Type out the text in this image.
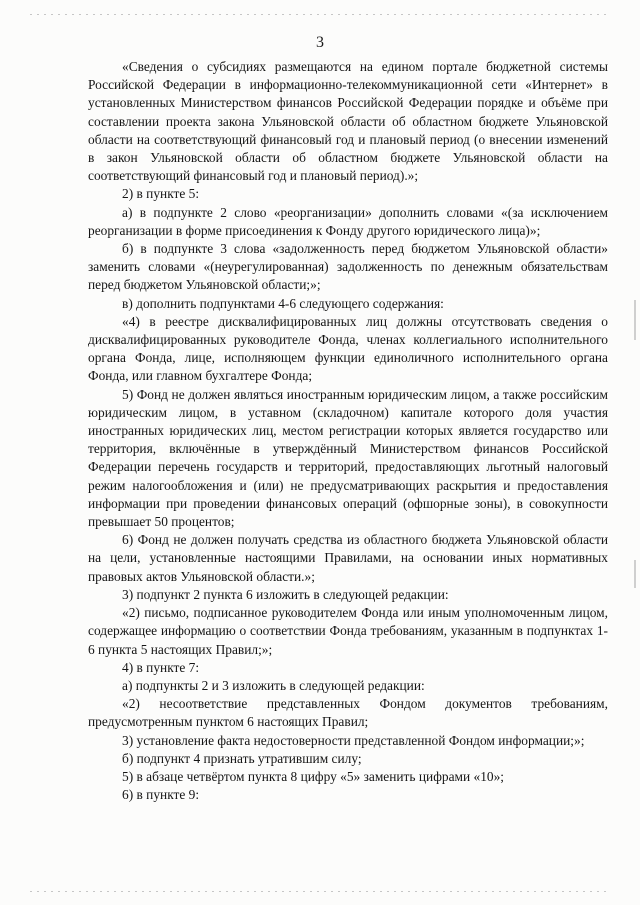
3

«Сведения о субсидиях размещаются на едином портале бюджетной системы Российской Федерации в информационно-телекоммуникационной сети «Интернет» в установленных Министерством финансов Российской Федерации порядке и объёме при составлении проекта закона Ульяновской области об областном бюджете Ульяновской области на соответствующий финансовый год и плановый период (о внесении изменений в закон Ульяновской области об областном бюджете Ульяновской области на соответствующий финансовый год и плановый период).»;

2) в пункте 5:

а) в подпункте 2 слово «реорганизации» дополнить словами «(за исключением реорганизации в форме присоединения к Фонду другого юридического лица)»;

б) в подпункте 3 слова «задолженность перед бюджетом Ульяновской области» заменить словами «(неурегулированная) задолженность по денежным обязательствам перед бюджетом Ульяновской области;»;

в) дополнить подпунктами 4-6 следующего содержания:

«4) в реестре дисквалифицированных лиц должны отсутствовать сведения о дисквалифицированных руководителе Фонда, членах коллегиального исполнительного органа Фонда, лице, исполняющем функции единоличного исполнительного органа Фонда, или главном бухгалтере Фонда;

5) Фонд не должен являться иностранным юридическим лицом, а также российским юридическим лицом, в уставном (складочном) капитале которого доля участия иностранных юридических лиц, местом регистрации которых является государство или территория, включённые в утверждённый Министерством финансов Российской Федерации перечень государств и территорий, предоставляющих льготный налоговый режим налогообложения и (или) не предусматривающих раскрытия и предоставления информации при проведении финансовых операций (офшорные зоны), в совокупности превышает 50 процентов;

6) Фонд не должен получать средства из областного бюджета Ульяновской области на цели, установленные настоящими Правилами, на основании иных нормативных правовых актов Ульяновской области.»;

3) подпункт 2 пункта 6 изложить в следующей редакции:

«2) письмо, подписанное руководителем Фонда или иным уполномоченным лицом, содержащее информацию о соответствии Фонда требованиям, указанным в подпунктах 1-6 пункта 5 настоящих Правил;»;

4) в пункте 7:

а) подпункты 2 и 3 изложить в следующей редакции:

«2) несоответствие представленных Фондом документов требованиям, предусмотренным пунктом 6 настоящих Правил;

3) установление факта недостоверности представленной Фондом информации;»;

б) подпункт 4 признать утратившим силу;

5) в абзаце четвёртом пункта 8 цифру «5» заменить цифрами «10»;

6) в пункте 9:
